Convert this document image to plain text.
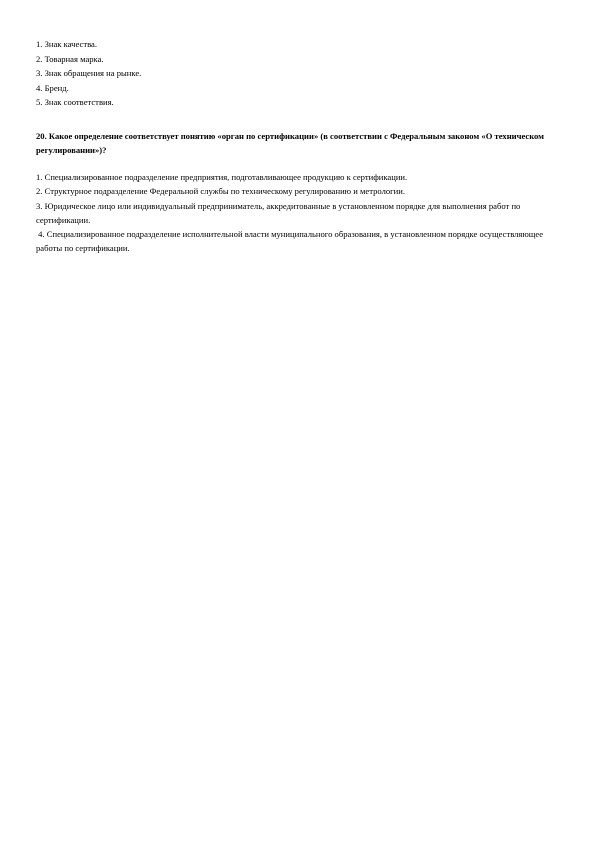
1. Знак качества.
2. Товарная марка.
3. Знак обращения на рынке.
4. Бренд.
5. Знак соответствия.
20. Какое определение соответствует понятию «орган по сертификации» (в соответствии с Федеральным законом «О техническом регулировании»)?
1. Специализированное подразделение предприятия, подготавливающее продукцию к сертификации.
2. Структурное подразделение Федеральной службы по техническому регулированию и метрологии.
3. Юридическое лицо или индивидуальный предприниматель, аккредитованные в установленном порядке для выполнения работ по сертификации.
4. Специализированное подразделение исполнительной власти муниципального образования, в установленном порядке осуществляющее работы по сертификации.
